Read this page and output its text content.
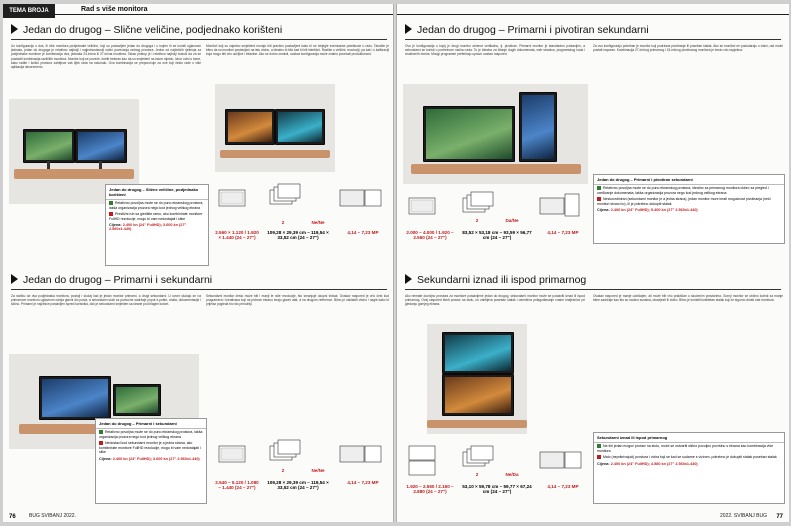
TEMA BROJA	Rad s više monitora
Jedan do drugog – Slične veličine, podjednako korišteni
Uz konfiguraciju s dva, ili više monitora podjednake veličine, koji su postavljeni jedan do drugoga i u kojem ih se koristi uglavnom jednako, jedan do drugoga je relativno najbolji i najjednostavniji način povećanja radnog prostora. Jedno od najčešćih rješenja za podjednake monitore je kombinacija dva, jednaka 24-inčna ili 27-inčna monitora. Takav pristup je i relativno najbolji budući da za se postaviti kombinacija različitih monitora. Monitor koji se poveže, dobiti tretman kao da su smješteni na istom mjestu. Izbor ovisi o tome, kako radite i koliko prostora zahtijeva vaš tijek rada na računalu. Ova kombinacija se preporučuje za one koji često rade s više aplikacija istovremeno.
Monitori koji su zajedno smješteni moraju biti pravilno postavljeni kako bi se izbjegle eventualne poteškoće u radu. Također je bitno da su monitori postavljeni na istu visinu, a idealno bi bilo kad bi bili identični. Razlike u veličini, rezoluciji, pa čak i u kalibraciji boja mogu biti vrlo uočljive i iritantne. Ako se dobro osmisli, ovakva konfiguracija može znatno povećati produktivnost.
Jedan do drugog – Slične veličine, podjednako korišteni
Relativno povoljna može se do puno ekranskog prostora, lakša organizacija prozora nego kod jednog velikog ekrana
Prestižni rub sa gledište ramu, ako kombinirate monitore FullHD rezolucije, mogu bi vam nedostajati i slike
Cijena: 2.400 kn (24" FullHD); 3.600 kn (27" 2.560x1.440)
2	Ne/Ne
2.560 × 1.120 / 1.920 × 1.440 (24 – 27")
109,28 × 29,39 cm – 119,54 × 33,52 cm (24 – 27")
4,14 – 7,23 MP
Jedan do drugog – Primarni i sekundarni
Za razliku od dva podjednaka monitora, postoji i slučaj kad je jedan monitor primarni, a drugi sekundarni. U ovom slučaju se na primarnom monitoru uglavnom odvija glavni dio posla, a sekundarni služi za pomoćne sadržaje poput e-pošte, chata, dokumentacije i slično. Primarni je najčešće postavljen ispred korisnika, dok je sekundarni smješten sa strane pod blagim kutom.
Sekundarni monitor često može biti i manji te niže rezolucije, što smanjuje ukupni trošak. Ovakav raspored je vrlo čest kod programera i kreativaca koji na jednom ekranu imaju glavni alat, a na drugom reference. Bitno je uskladiti visinu i nagib kako bi prijelaz pogleda bio što prirodniji.
Jedan do drugog – Primarni i sekundarni
Relativno povoljna može se do puno ekranskog prostora, lakša organizacija prozora nego kod jednog velikog ekrana
Nedostaci kod sekundarni monitor je a jedna strana, ako kombinirate monitore FullHD rezolucije, mogu bi vam nedostajati i slike
Cijena: 2.400 kn (24" FullHD); 3.600 kn (27" 2.560x1.440)
2	Ne/Ne
2.540 – 5.120 / 1.080 – 1.440 (24 – 27")
109,28 × 29,39 cm – 119,54 × 33,52 cm (24 – 27")
4,14 – 7,23 MP
76	BUG SVIBANJ 2022.
Jedan do drugog – Primarni i pivotiran sekundarni
Ovo je konfiguracija u kojoj je drugi monitor okrenut vertikalno, tj. pivotiran. Primarni monitor je standardno postavljen, a sekundarni se koristi u portretnom načinu rada. To je idealno za čitanje dugih dokumenata, web stranica, programskog koda i društvenih mreža. Mnogi programeri preferiraju upravo ovakav raspored.
Za ovu konfiguraciju potreban je monitor koji podržava pivotiranje ili poseban stalak. Ako se monitori ne podudaraju u visini, rad može postati naporan. Kombinacija 27-inčnog primarnog i 24-inčnog pivotiranog monitora je često vrlo uspješna.
Jedan do drugog – Primarni i pivotiran sekundarni
Relativno povoljna može se do puno ekranskog prostora, idealno za primarnog monitora dobro za pregled i uređivanje dokumenata, lakša organizacija prozora nego kod jednog velikog ekrana
Neskoordiniran (sekundarni monitor je a jedna strana), jedan monitor more imati mogućnost pivotiranja (neki monitori stvarci to), ili je potrebno dokupiti stalak
Cijena: 2.400 kn (24" FullHD); 5.400 kn (27" 2.560x1.440)
2	Da/Ne
2.000 – 4.000 / 1.920 – 2.560 (24 – 27")
83,52 × 53,18 cm – 93,59 × 56,77 cm (24 – 27")
4,14 – 7,23 MP
Sekundarni iznad ili ispod primarnog
Ako nemate dovoljno prostora za monitore postavljene jedan do drugog, sekundarni monitor može se postaviti iznad ili ispod primarnog. Ovaj raspored štedi prostor na stolu, no zahtijeva poseban stalak i određeno prilagođavanje vratne kralježnice pri gledanju gornjeg ekrana.
Ovakav raspored je manje uobičajen, ali može biti vrlo praktičan u skučenim prostorima. Gornji monitor se obično koristi za manje bitne sadržaje kao što su nadzor sustava, obavijesti ili video. Bitno je koristiti kvalitetan stalak koji će sigurno držati oba monitora.
Sekundarni iznad ili ispod primarnog
Na širi jedan moguć prostor na stolu, može se ostvariti slično povoljnu površinu s ekrana kao kombinacija više monitora
Malo (neprikrivajući) prostora i vizira koji se kad se sudarne s vizirom, potrebno je dokupiti stalak poseban stalak
Cijena: 2.400 kn (24" FullHD); 4.580 kn (27" 2.560x1.440)
2	Ne/Da
1.920 – 2.560 / 2.160 – 2.880 (24 – 27")
53,10 × 59,78 cm – 59,77 × 67,24 cm (24 – 27")
4,14 – 7,23 MP
2022. SVIBANJ BUG 77
